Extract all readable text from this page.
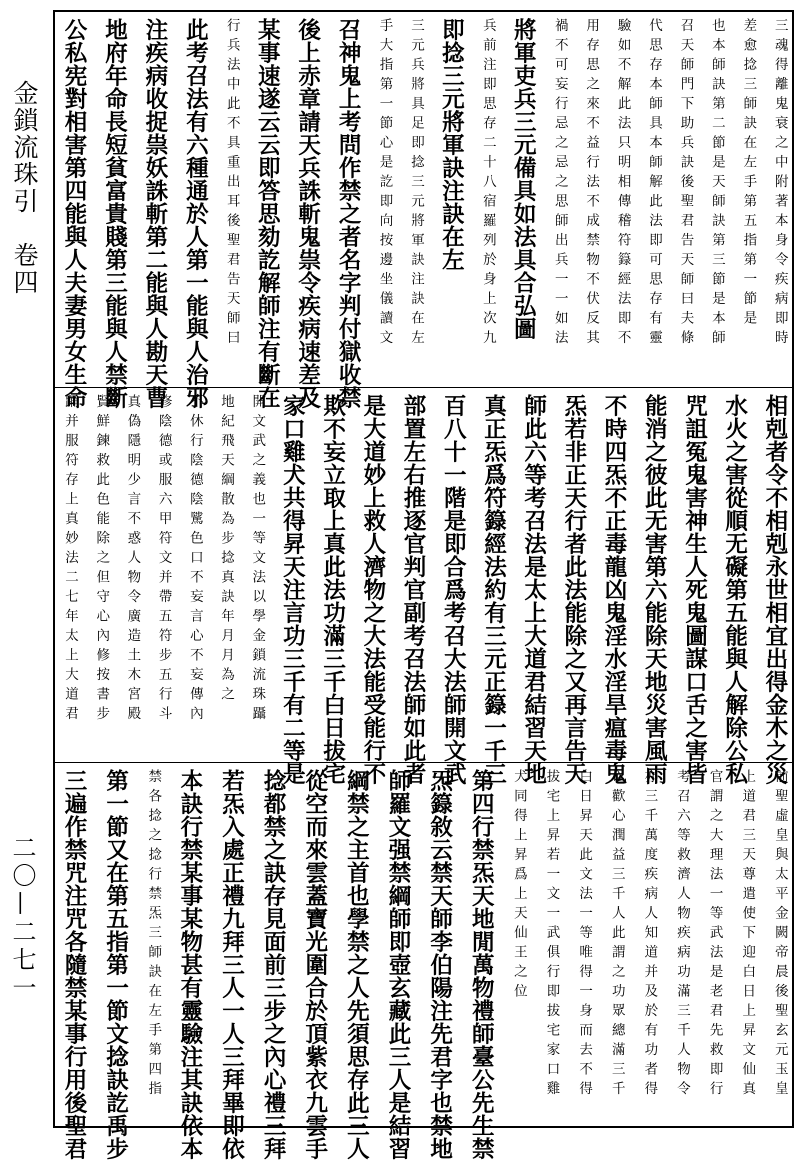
金鎖流珠引　卷四
二〇—二七一
三魂得離鬼衰之中附著本身令疾病即時
差愈捻三師訣在左手第五指第一節是
也本師訣第二節是天師訣第三節是本師
召天師門下助兵訣後聖君告天師曰夫條
代思存本師具本師解此法即可思存有靈
驗如不解此法只明相傳稽符籙經法即不
用存思之來不益行法不成禁物不伏反其
禍不可妄行忌之忌之思師出兵一一如法
將軍吏兵三元備具如法具合弘圖
兵前注即思存二十八宿羅列於身上次九
即捻三元將軍訣注訣在左
三元兵將具足即捻三元將軍訣注訣在左
手大指第一節心是訖即向按邊坐儀讀文
召神鬼上考問作禁之者名字判付獄收禁
後上赤章請天兵誅斬鬼祟令疾病速差及
某事速遂云云即答思劾訖解師注有斷在
行兵法中此不具重出耳後聖君告天師曰
此考召法有六種通於人第一能與人治邪
注疾病收捉祟妖誅斬第二能與人勘天曹
地府年命長短貧富貴賤第三能與人禁斷
公私宪對相害第四能與人夫妻男女生命
相剋者令不相剋永世相宜出得金木之災
水火之害從順无礙第五能與人解除公私
咒詛冤鬼害神生人死鬼圖謀口舌之害皆
能消之彼此无害第六能除天地災害風雨
不時四炁不正毒龍凶鬼淫水淫旱瘟毒鬼
炁若非正天行者此法能除之又再言告天
師此六等考召法是太上大道君結習天地
真正炁爲符籙經法約有三元正籙一千三
百八十一階是即合爲考召大法師開文武
部置左右推逐官判官副考召法師如此者
是大道妙上救人濟物之大法能受能行不
欺不妄立取上真此法功滿三千白日拔宅
家口雞犬共得昇天注言功三千有二等是
開文武之義也一等文法以學金鎖流珠躡
地紀飛天綱散為步捻真訣年月月為之
不休行陰德陰騭色口不妄言心不妄傳內
修陰德或服六甲符文并帶五符步五行斗
真偽隱明少言不惑人物令廣造土木宮殿
賢鮮鍊救此色能除之但守心內修按書步
踊并服符存上真妙法二七年太上大道君
前聖虛皇與太平金闕帝晨後聖玄元玉皇
上道君三天尊遣使下迎白日上昇文仙真
官謂之大理法一等武法是老君先救即行
考召六等救濟人物疾病功滿三千人物令
亦三千萬度疾病人知道并及於有功者得
以歡心潤益三千人此謂之功眾總滿三千
白日昇天此文法一等唯得一身而去不得
拔宅上昇若一文一武俱行即拔宅家口雞
犬同得上昇爲上天仙王之位
第四行禁炁天地閒萬物禮師臺公先生禁
炁籙敘云禁天師李伯陽注先君字也禁地
師羅文强禁綱師即壺玄藏此三人是結習
綱禁之主首也學禁之人先須思存此三人
從空而來雲蓋寶光圍合於頂紫衣九雲手
捻都禁之訣存見面前三步之內心禮三拜
若炁入處正禮九拜三人一人三拜畢即依
本訣行禁某事某物甚有靈驗注其訣依本
禁各捻之捻行禁炁三師訣在左手第四指
第一節又在第五指第一節文捻訣訖禹步
三遍作禁咒注咒各隨禁某事行用後聖君
